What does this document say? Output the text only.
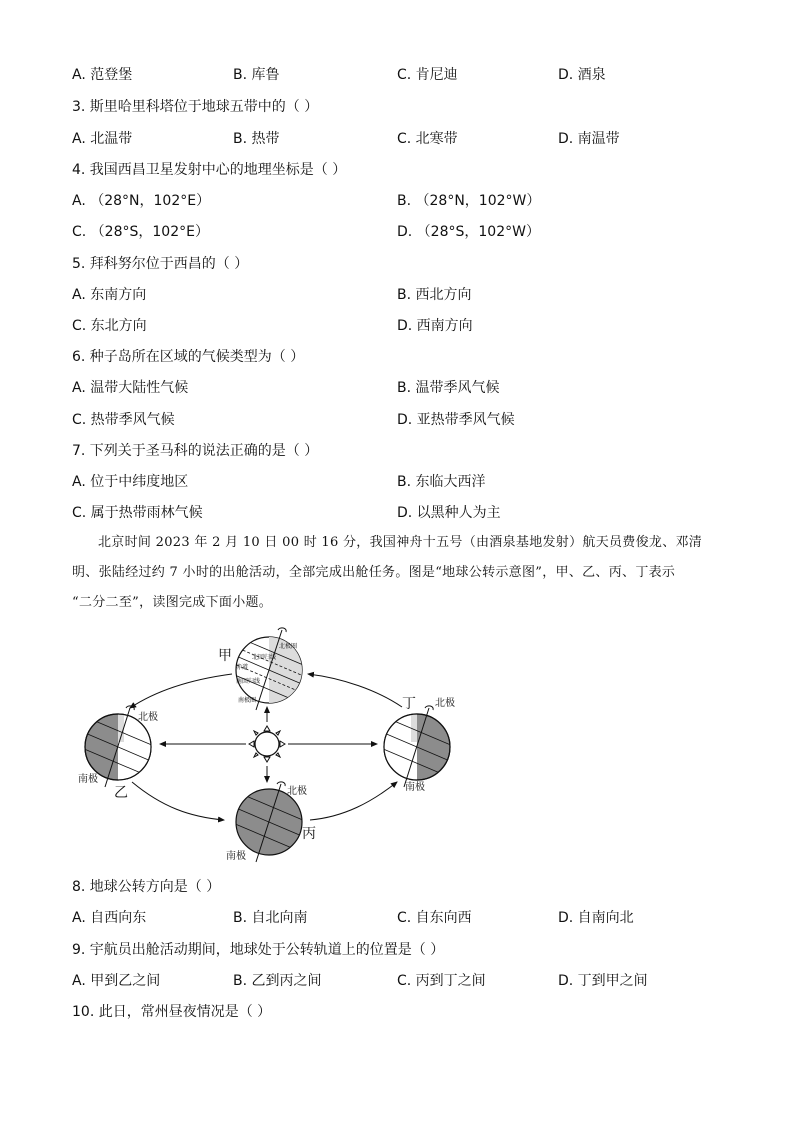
A. 范登堡	B. 库鲁	C. 肯尼迪	D. 酒泉
3. 斯里哈里科塔位于地球五带中的（ ）
A. 北温带	B. 热带	C. 北寒带	D. 南温带
4. 我国西昌卫星发射中心的地理坐标是（ ）
A. （28°N，102°E）	B. （28°N，102°W）
C. （28°S，102°E）	D. （28°S，102°W）
5. 拜科努尔位于西昌的（ ）
A. 东南方向	B. 西北方向
C. 东北方向	D. 西南方向
6. 种子岛所在区域的气候类型为（ ）
A. 温带大陆性气候	B. 温带季风气候
C. 热带季风气候	D. 亚热带季风气候
7. 下列关于圣马科的说法正确的是（ ）
A. 位于中纬度地区	B. 东临大西洋
C. 属于热带雨林气候	D. 以黑种人为主
北京时间 2023 年 2 月 10 日 00 时 16 分，我国神舟十五号（由酒泉基地发射）航天员费俊龙、邓清
明、张陆经过约 7 小时的出舱活动，全部完成出舱任务。图是“地球公转示意图”，甲、乙、丙、丁表示
“二分二至”，读图完成下面小题。
北极圈
北回归线
赤道
南回归线
南极圈
甲
北极
南极
乙
北极
南极
丁
北极
南极
丙
8. 地球公转方向是（ ）
A. 自西向东	B. 自北向南	C. 自东向西	D. 自南向北
9. 宇航员出舱活动期间，地球处于公转轨道上的位置是（ ）
A. 甲到乙之间	B. 乙到丙之间	C. 丙到丁之间	D. 丁到甲之间
10. 此日，常州昼夜情况是（ ）
